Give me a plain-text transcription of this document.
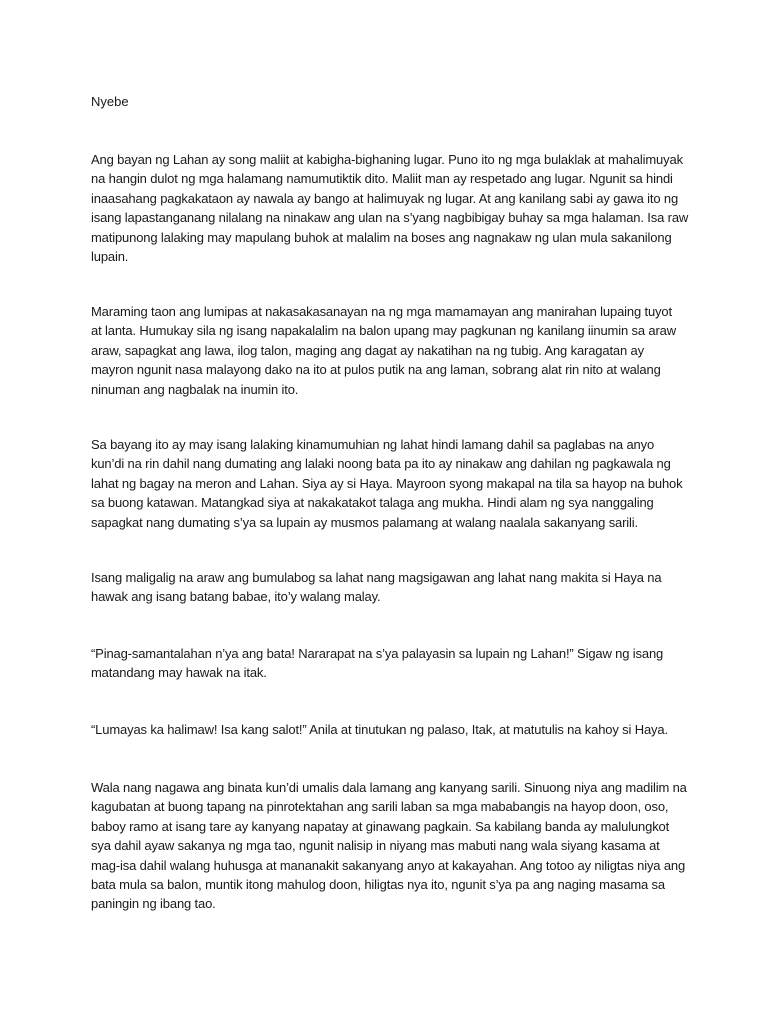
Nyebe

Ang bayan ng Lahan ay song maliit at kabigha-bighaning lugar. Puno ito ng mga bulaklak at mahalimuyak
na hangin dulot ng mga halamang namumutiktik dito. Maliit man ay respetado ang lugar. Ngunit sa hindi
inaasahang pagkakataon ay nawala ay bango at halimuyak ng lugar. At ang kanilang sabi ay gawa ito ng
isang lapastanganang nilalang na ninakaw ang ulan na s’yang nagbibigay buhay sa mga halaman. Isa raw
matipunong lalaking may mapulang buhok at malalim na boses ang nagnakaw ng ulan mula sakanilong
lupain.

Maraming taon ang lumipas at nakasakasanayan na ng mga mamamayan ang manirahan lupaing tuyot
at lanta. Humukay sila ng isang napakalalim na balon upang may pagkunan ng kanilang iinumin sa araw
araw, sapagkat ang lawa, ilog talon, maging ang dagat ay nakatihan na ng tubig. Ang karagatan ay
mayron ngunit nasa malayong dako na ito at pulos putik na ang laman, sobrang alat rin nito at walang
ninuman ang nagbalak na inumin ito.

Sa bayang ito ay may isang lalaking kinamumuhian ng lahat hindi lamang dahil sa paglabas na anyo
kun’di na rin dahil nang dumating ang lalaki noong bata pa ito ay ninakaw ang dahilan ng pagkawala ng
lahat ng bagay na meron and Lahan. Siya ay si Haya. Mayroon syong makapal na tila sa hayop na buhok
sa buong katawan. Matangkad siya at nakakatakot talaga ang mukha. Hindi alam ng sya nanggaling
sapagkat nang dumating s’ya sa lupain ay musmos palamang at walang naalala sakanyang sarili.

Isang maligalig na araw ang bumulabog sa lahat nang magsigawan ang lahat nang makita si Haya na
hawak ang isang batang babae, ito’y walang malay.

“Pinag-samantalahan n’ya ang bata! Nararapat na s’ya palayasin sa lupain ng Lahan!” Sigaw ng isang
matandang may hawak na itak.

“Lumayas ka halimaw! Isa kang salot!” Anila at tinutukan ng palaso, Itak, at matutulis na kahoy si Haya.

Wala nang nagawa ang binata kun’di umalis dala lamang ang kanyang sarili. Sinuong niya ang madilim na
kagubatan at buong tapang na pinrotektahan ang sarili laban sa mga mababangis na hayop doon, oso,
baboy ramo at isang tare ay kanyang napatay at ginawang pagkain. Sa kabilang banda ay malulungkot
sya dahil ayaw sakanya ng mga tao, ngunit nalisip in niyang mas mabuti nang wala siyang kasama at
mag-isa dahil walang huhusga at mananakit sakanyang anyo at kakayahan. Ang totoo ay niligtas niya ang
bata mula sa balon, muntik itong mahulog doon, hiligtas nya ito, ngunit s’ya pa ang naging masama sa
paningin ng ibang tao.
